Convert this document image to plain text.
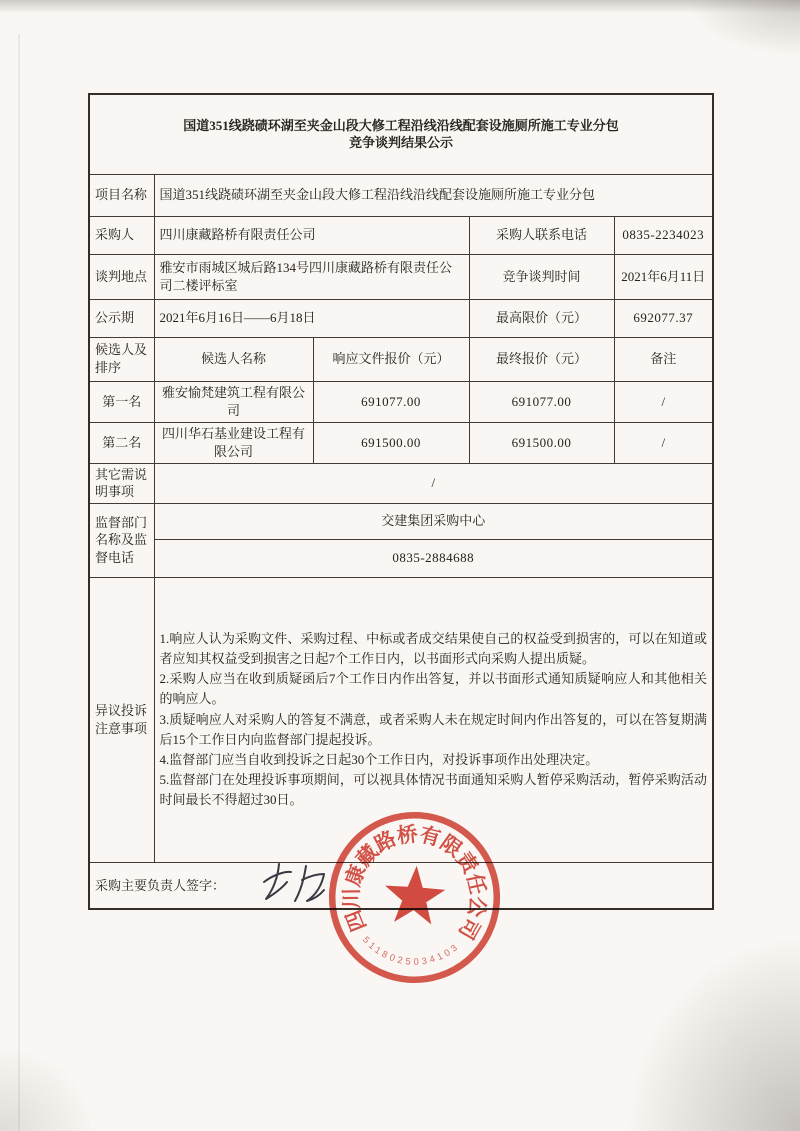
国道351线跷碛环湖至夹金山段大修工程沿线沿线配套设施厕所施工专业分包
竞争谈判结果公示				
项目名称	国道351线跷碛环湖至夹金山段大修工程沿线沿线配套设施厕所施工专业分包			
采购人	四川康藏路桥有限责任公司		采购人联系电话	0835-2234023
谈判地点	雅安市雨城区城后路134号四川康藏路桥有限责任公司二楼评标室		竞争谈判时间	2021年6月11日
公示期	2021年6月16日——6月18日		最高限价（元）	692077.37
候选人及排序	候选人名称	响应文件报价（元）	最终报价（元）	备注
第一名	雅安愉梵建筑工程有限公司	691077.00	691077.00	/
第二名	四川华石基业建设工程有限公司	691500.00	691500.00	/
其它需说明事项	/			
监督部门名称及监督电话	交建集团采购中心			
	0835-2884688			
异议投诉注意事项	1.响应人认为采购文件、采购过程、中标或者成交结果使自己的权益受到损害的，可以在知道或者应知其权益受到损害之日起7个工作日内，以书面形式向采购人提出质疑。

2.采购人应当在收到质疑函后7个工作日内作出答复，并以书面形式通知质疑响应人和其他相关的响应人。

3.质疑响应人对采购人的答复不满意，或者采购人未在规定时间内作出答复的，可以在答复期满后15个工作日内向监督部门提起投诉。

4.监督部门应当自收到投诉之日起30个工作日内，对投诉事项作出处理决定。

5.监督部门在处理投诉事项期间，可以视具体情况书面通知采购人暂停采购活动，暂停采购活动时间最长不得超过30日。			

采购主要负责人签字：				
四川康藏路桥有限责任公司
5118025034103
